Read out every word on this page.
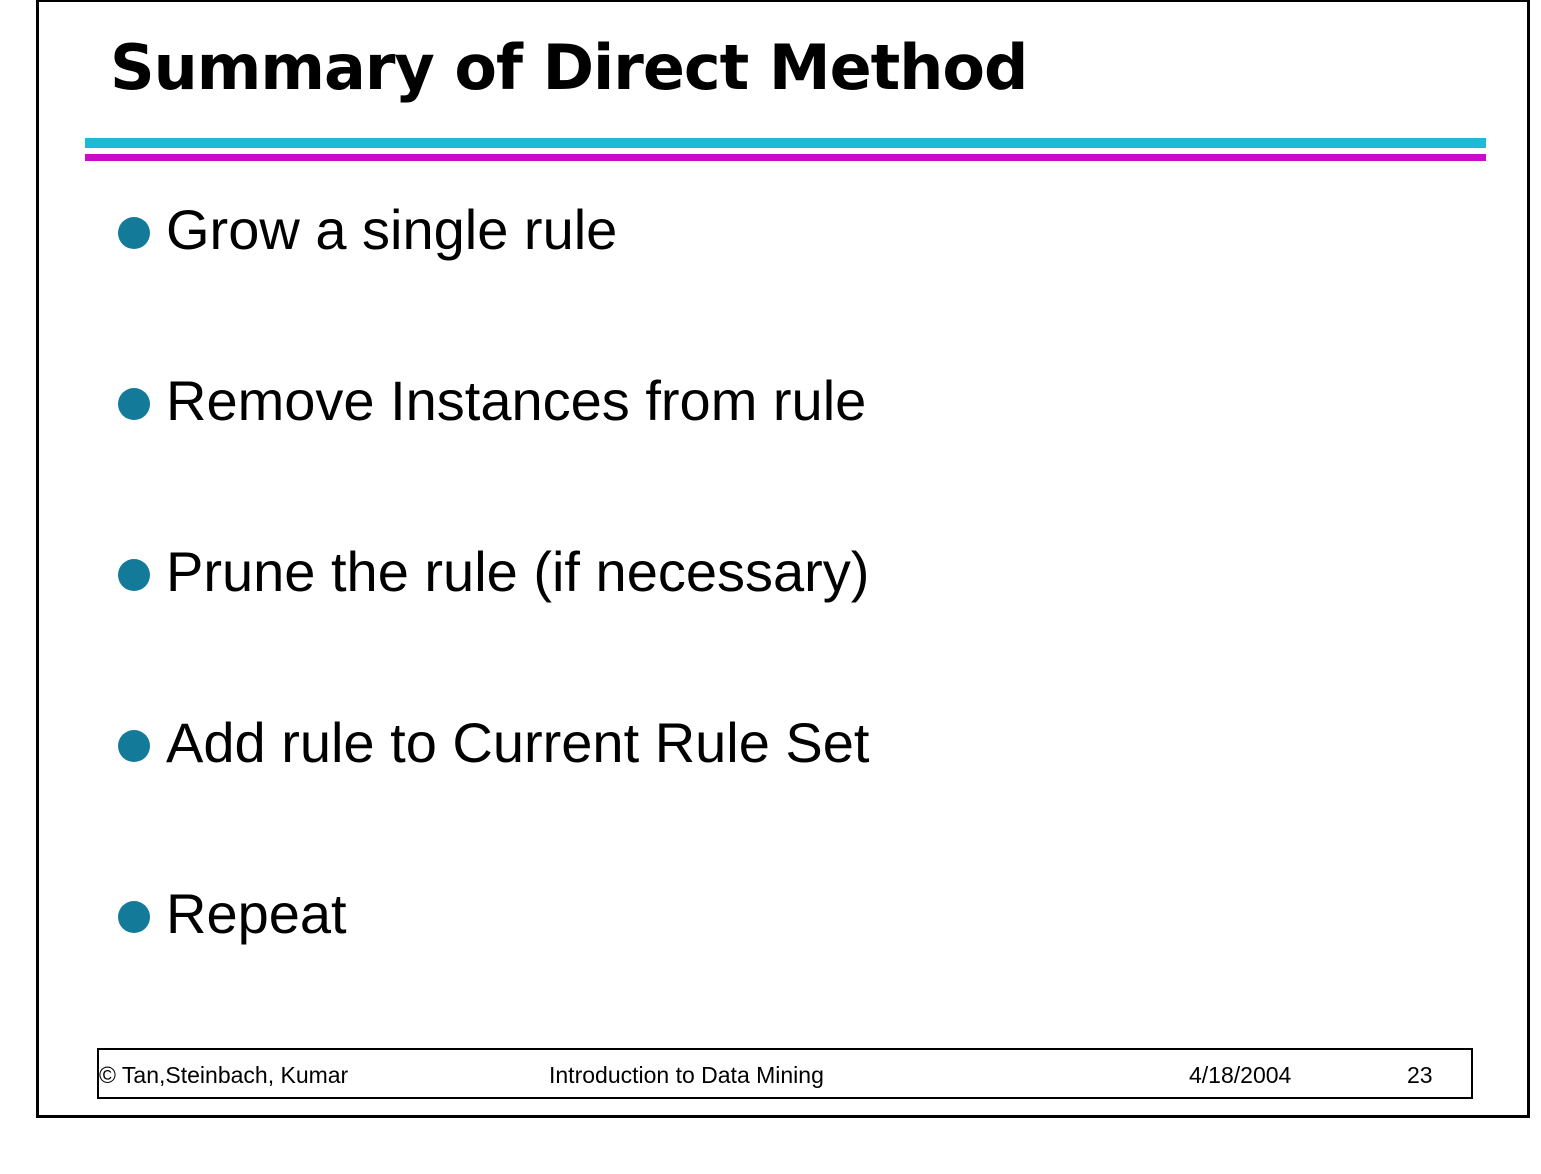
Summary of Direct Method
Grow a single rule
Remove Instances from rule
Prune the rule (if necessary)
Add rule to Current Rule Set
Repeat
© Tan,Steinbach, Kumar	Introduction to Data Mining	4/18/2004	23
